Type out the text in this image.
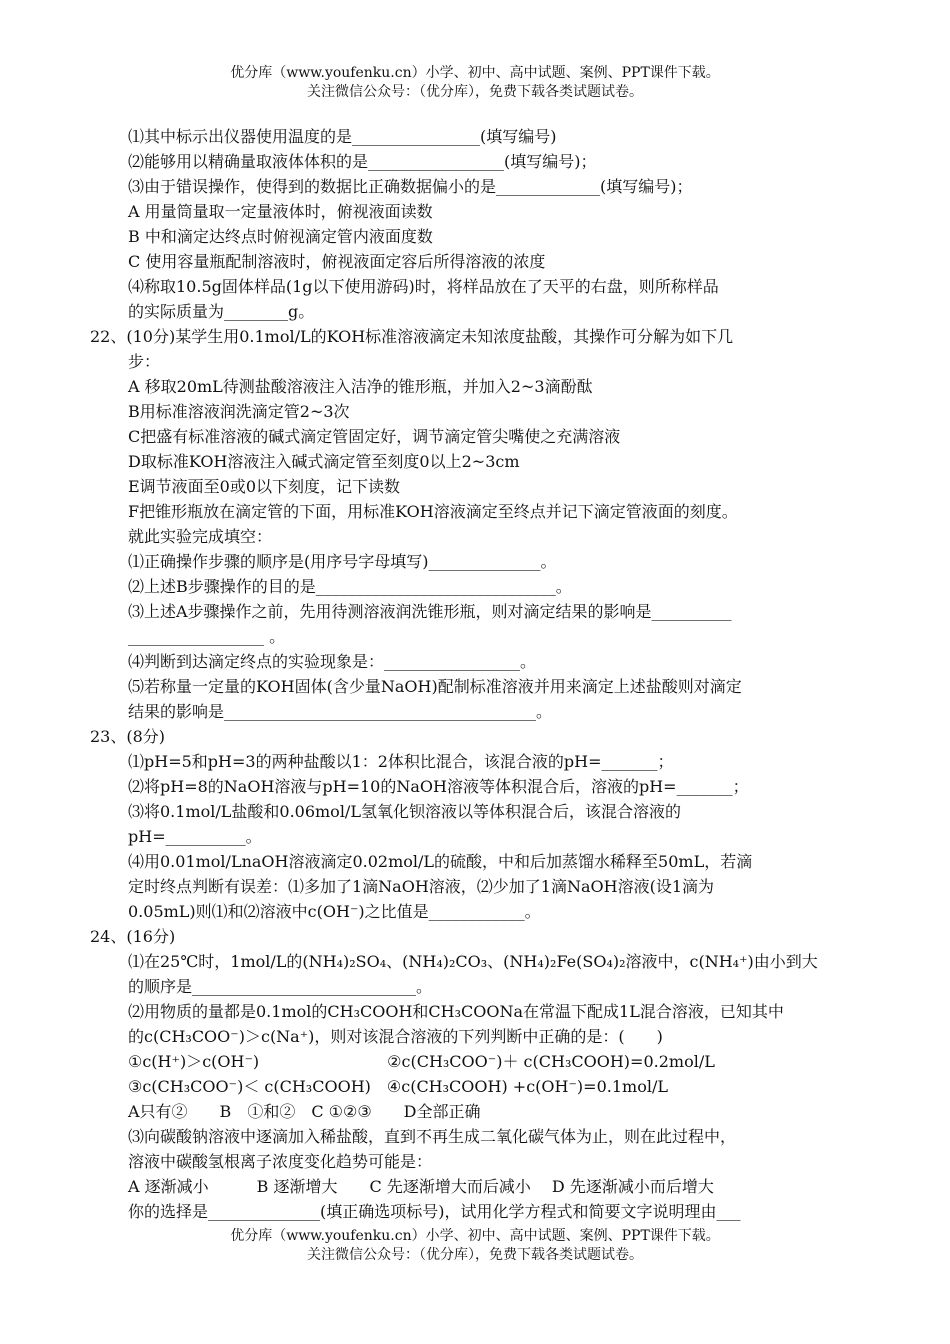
优分库（www.youfenku.cn）小学、初中、高中试题、案例、PPT课件下载。
关注微信公众号：（优分库），免费下载各类试题试卷。
⑴其中标示出仪器使用温度的是________________(填写编号)
⑵能够用以精确量取液体体积的是_________________(填写编号)；
⑶由于错误操作，使得到的数据比正确数据偏小的是_____________(填写编号)；
A 用量筒量取一定量液体时，俯视液面读数
B 中和滴定达终点时俯视滴定管内液面度数
C 使用容量瓶配制溶液时，俯视液面定容后所得溶液的浓度
⑷称取10.5g固体样品(1g以下使用游码)时，将样品放在了天平的右盘，则所称样品
的实际质量为________g。
22、(10分)某学生用0.1mol/L的KOH标准溶液滴定未知浓度盐酸，其操作可分解为如下几
步：
A 移取20mL待测盐酸溶液注入洁净的锥形瓶，并加入2~3滴酚酞
B用标准溶液润洗滴定管2~3次
C把盛有标准溶液的碱式滴定管固定好，调节滴定管尖嘴使之充满溶液
D取标准KOH溶液注入碱式滴定管至刻度0以上2~3cm
E调节液面至0或0以下刻度，记下读数
F把锥形瓶放在滴定管的下面，用标准KOH溶液滴定至终点并记下滴定管液面的刻度。
就此实验完成填空：
⑴正确操作步骤的顺序是(用序号字母填写)______________。
⑵上述B步骤操作的目的是______________________________。
⑶上述A步骤操作之前，先用待测溶液润洗锥形瓶，则对滴定结果的影响是__________
_________________ 。
⑷判断到达滴定终点的实验现象是：_________________。
⑸若称量一定量的KOH固体(含少量NaOH)配制标准溶液并用来滴定上述盐酸则对滴定
结果的影响是_______________________________________。
23、(8分)
⑴pH=5和pH=3的两种盐酸以1：2体积比混合，该混合液的pH=_______；
⑵将pH=8的NaOH溶液与pH=10的NaOH溶液等体积混合后，溶液的pH=_______；
⑶将0.1mol/L盐酸和0.06mol/L氢氧化钡溶液以等体积混合后，该混合溶液的
pH=__________。
⑷用0.01mol/LnaOH溶液滴定0.02mol/L的硫酸，中和后加蒸馏水稀释至50mL，若滴
定时终点判断有误差：⑴多加了1滴NaOH溶液，⑵少加了1滴NaOH溶液(设1滴为
0.05mL)则⑴和⑵溶液中c(OH⁻)之比值是____________。
24、(16分)
⑴在25℃时，1mol/L的(NH₄)₂SO₄、(NH₄)₂CO₃、(NH₄)₂Fe(SO₄)₂溶液中，c(NH₄⁺)由小到大
的顺序是____________________________。
⑵用物质的量都是0.1mol的CH₃COOH和CH₃COONa在常温下配成1L混合溶液，已知其中
的c(CH₃COO⁻)＞c(Na⁺)，则对该混合溶液的下列判断中正确的是：(　　)
①c(H⁺)＞c(OH⁻)　　　　　　　　②c(CH₃COO⁻)＋ c(CH₃COOH)=0.2mol/L
③c(CH₃COO⁻)＜ c(CH₃COOH)　④c(CH₃COOH) +c(OH⁻)=0.1mol/L
A只有②　　B　①和②　C ①②③　　D全部正确
⑶向碳酸钠溶液中逐滴加入稀盐酸，直到不再生成二氧化碳气体为止，则在此过程中，
溶液中碳酸氢根离子浓度变化趋势可能是：
A 逐渐减小　　　B 逐渐增大　　C 先逐渐增大而后减小　 D 先逐渐减小而后增大
你的选择是______________(填正确选项标号)，试用化学方程式和简要文字说明理由___
优分库（www.youfenku.cn）小学、初中、高中试题、案例、PPT课件下载。
关注微信公众号：（优分库），免费下载各类试题试卷。
